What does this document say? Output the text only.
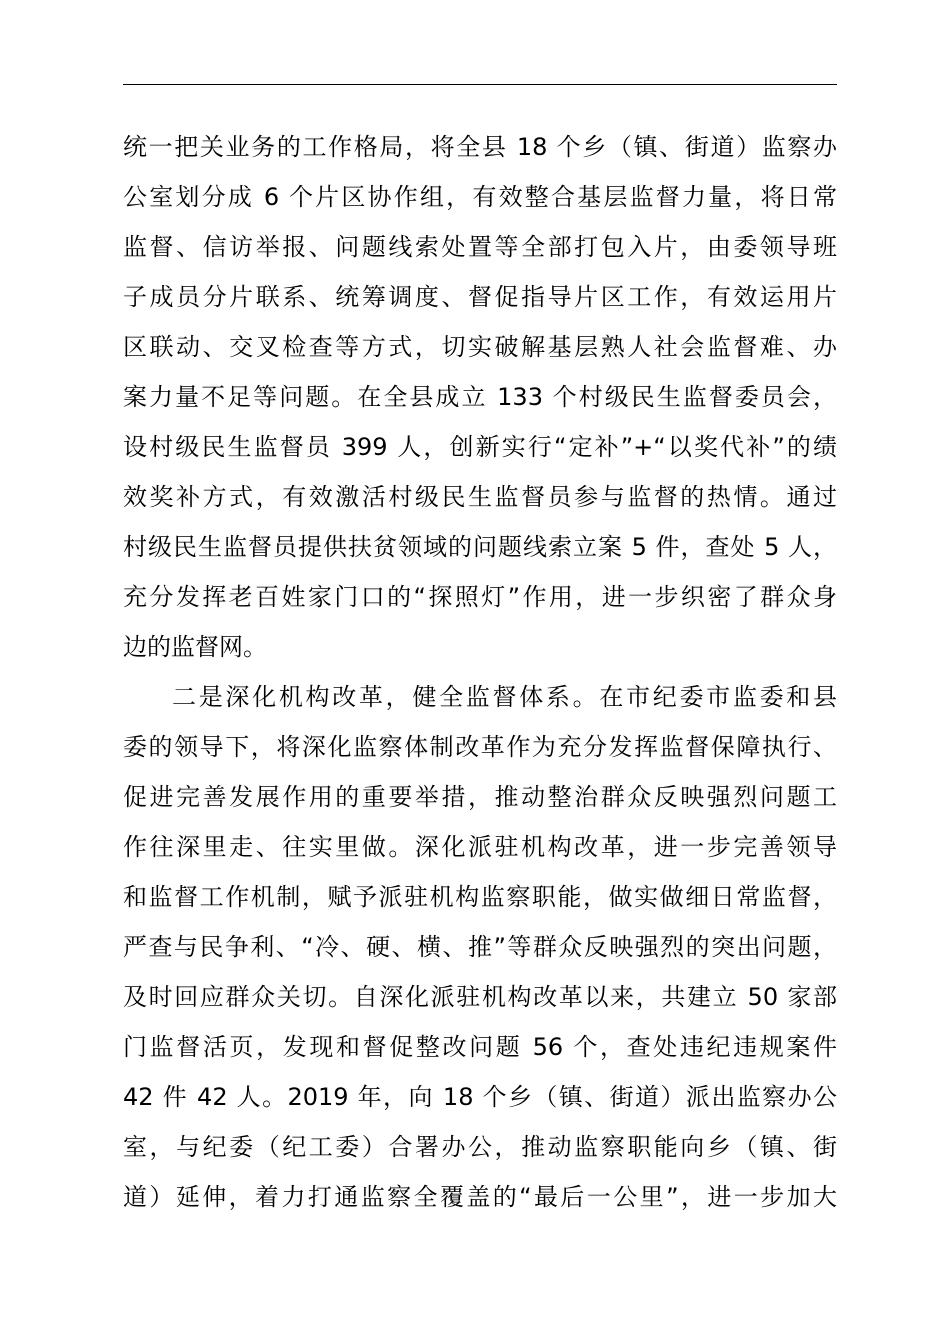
统一把关业务的工作格局，将全县 18 个乡（镇、街道）监察办
公室划分成 6 个片区协作组，有效整合基层监督力量，将日常
监督、信访举报、问题线索处置等全部打包入片，由委领导班
子成员分片联系、统筹调度、督促指导片区工作，有效运用片
区联动、交叉检查等方式，切实破解基层熟人社会监督难、办
案力量不足等问题。在全县成立 133 个村级民生监督委员会，
设村级民生监督员 399 人，创新实行“定补”+“以奖代补”的绩
效奖补方式，有效激活村级民生监督员参与监督的热情。通过
村级民生监督员提供扶贫领域的问题线索立案 5 件，查处 5 人，
充分发挥老百姓家门口的“探照灯”作用，进一步织密了群众身
边的监督网。
二是深化机构改革，健全监督体系。在市纪委市监委和县
委的领导下，将深化监察体制改革作为充分发挥监督保障执行、
促进完善发展作用的重要举措，推动整治群众反映强烈问题工
作往深里走、往实里做。深化派驻机构改革，进一步完善领导
和监督工作机制，赋予派驻机构监察职能，做实做细日常监督，
严查与民争利、“冷、硬、横、推”等群众反映强烈的突出问题，
及时回应群众关切。自深化派驻机构改革以来，共建立 50 家部
门监督活页，发现和督促整改问题 56 个，查处违纪违规案件
42 件 42 人。2019 年，向 18 个乡（镇、街道）派出监察办公
室，与纪委（纪工委）合署办公，推动监察职能向乡（镇、街
道）延伸，着力打通监察全覆盖的“最后一公里”，进一步加大
